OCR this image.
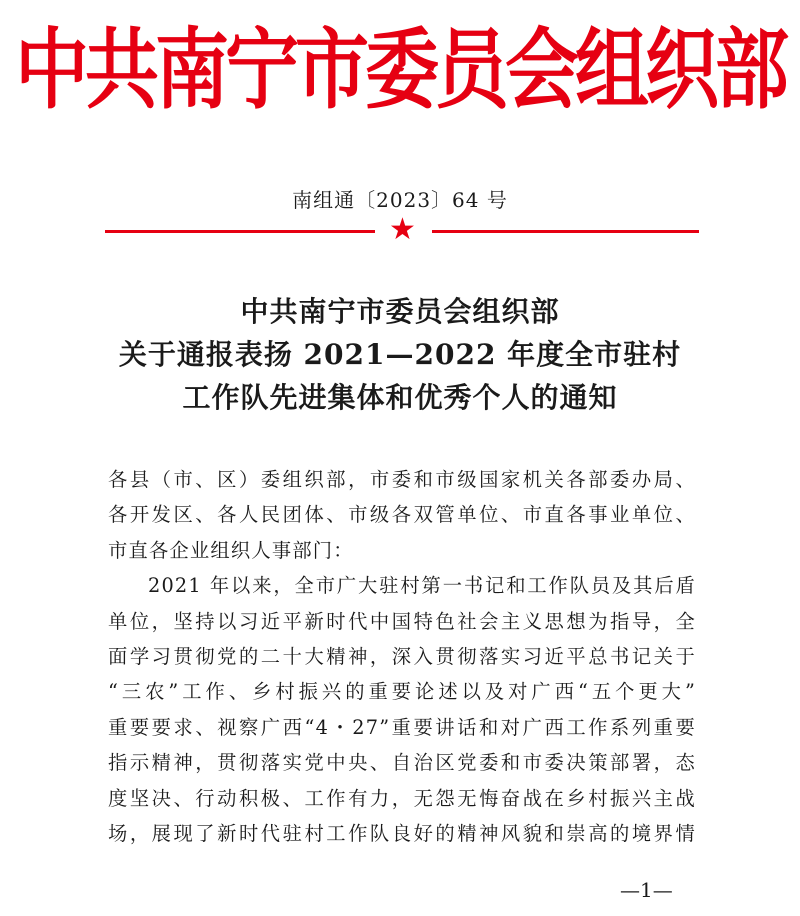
中共南宁市委员会组织部
南组通〔2023〕64 号
★
中共南宁市委员会组织部
关于通报表扬 2021—2022 年度全市驻村
工作队先进集体和优秀个人的通知
各县（市、区）委组织部，市委和市级国家机关各部委办局、
各开发区、各人民团体、市级各双管单位、市直各事业单位、
市直各企业组织人事部门：
2021 年以来，全市广大驻村第一书记和工作队员及其后盾
单位，坚持以习近平新时代中国特色社会主义思想为指导，全
面学习贯彻党的二十大精神，深入贯彻落实习近平总书记关于
“三农”工作、乡村振兴的重要论述以及对广西“五个更大”
重要要求、视察广西“4・27”重要讲话和对广西工作系列重要
指示精神，贯彻落实党中央、自治区党委和市委决策部署，态
度坚决、行动积极、工作有力，无怨无悔奋战在乡村振兴主战
场，展现了新时代驻村工作队良好的精神风貌和崇高的境界情
—1—
